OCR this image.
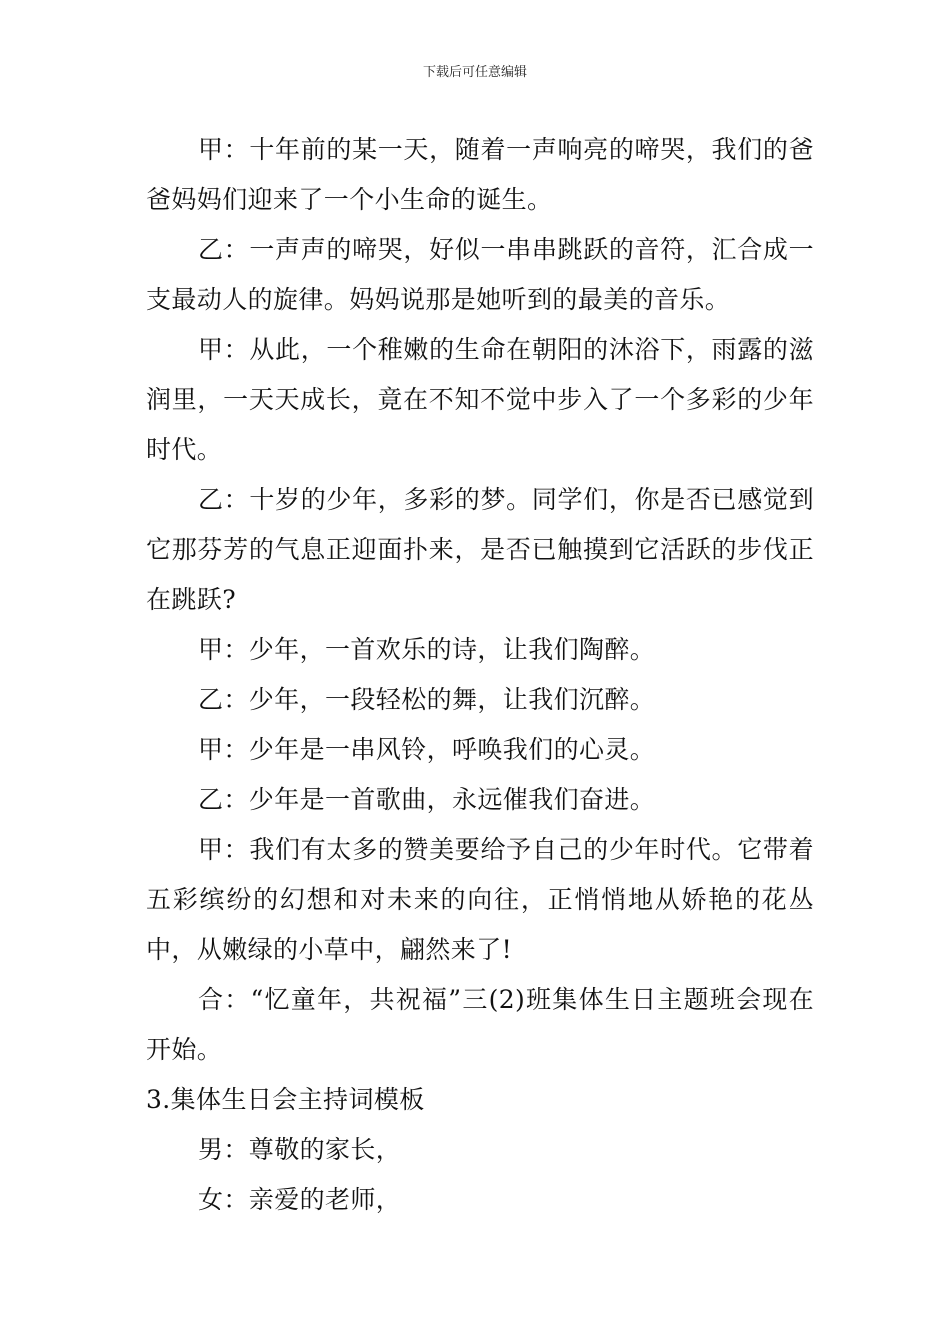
下载后可任意编辑

甲：十年前的某一天，随着一声响亮的啼哭，我们的爸爸妈妈们迎来了一个小生命的诞生。

乙：一声声的啼哭，好似一串串跳跃的音符，汇合成一支最动人的旋律。妈妈说那是她听到的最美的音乐。

甲：从此，一个稚嫩的生命在朝阳的沐浴下，雨露的滋润里，一天天成长，竟在不知不觉中步入了一个多彩的少年时代。

乙：十岁的少年，多彩的梦。同学们，你是否已感觉到它那芬芳的气息正迎面扑来，是否已触摸到它活跃的步伐正在跳跃?

甲：少年，一首欢乐的诗，让我们陶醉。

乙：少年，一段轻松的舞，让我们沉醉。

甲：少年是一串风铃，呼唤我们的心灵。

乙：少年是一首歌曲，永远催我们奋进。

甲：我们有太多的赞美要给予自己的少年时代。它带着五彩缤纷的幻想和对未来的向往，正悄悄地从娇艳的花丛中，从嫩绿的小草中，翩然来了!

合：“忆童年，共祝福”三(2)班集体生日主题班会现在开始。

3.集体生日会主持词模板

男：尊敬的家长，

女：亲爱的老师，
